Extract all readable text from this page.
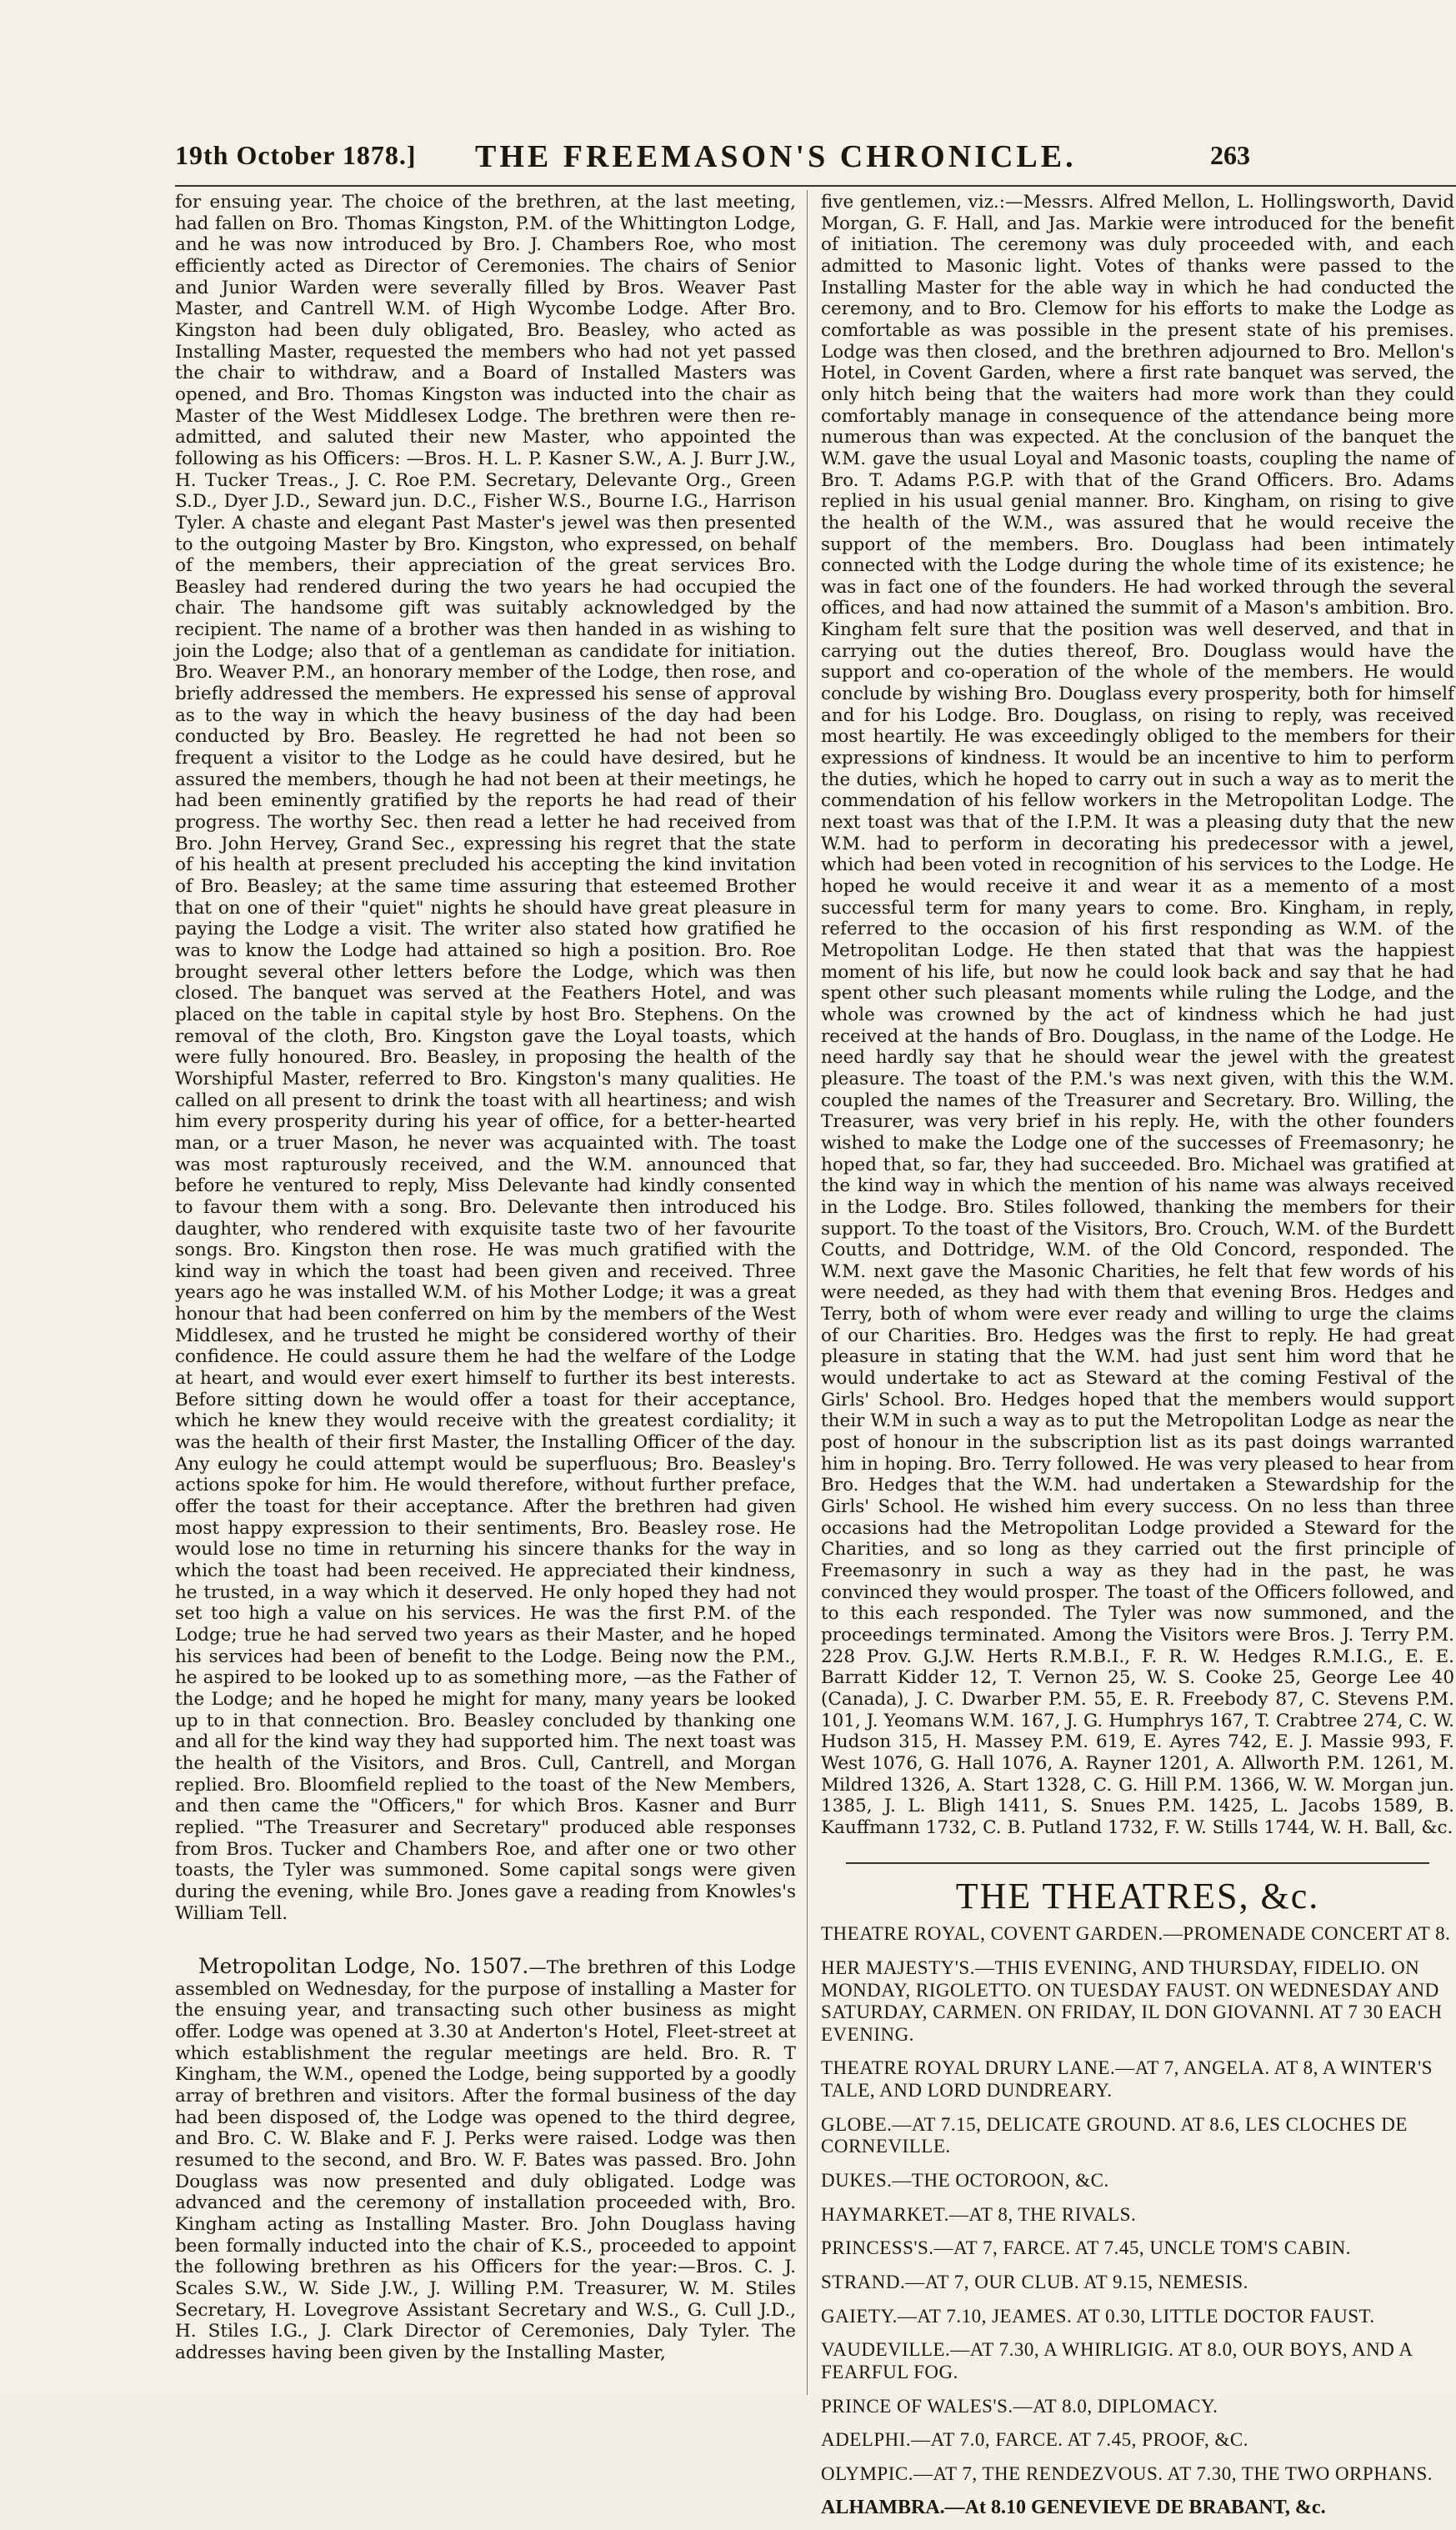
19th October 1878.] THE FREEMASON'S CHRONICLE.	263

for ensuing year. The choice of the brethren, at the last meeting, had fallen on Bro. Thomas Kingston, P.M. of the Whittington Lodge, and he was now introduced by Bro. J. Chambers Roe, who most efficiently acted as Director of Ceremonies. The chairs of Senior and Junior Warden were severally filled by Bros. Weaver Past Master, and Cantrell W.M. of High Wycombe Lodge. After Bro. Kingston had been duly obligated, Bro. Beasley, who acted as Installing Master, requested the members who had not yet passed the chair to withdraw, and a Board of Installed Masters was opened, and Bro. Thomas Kingston was inducted into the chair as Master of the West Middlesex Lodge. The brethren were then re-admitted, and saluted their new Master, who appointed the following as his Officers: —Bros. H. L. P. Kasner S.W., A. J. Burr J.W., H. Tucker Treas., J. C. Roe P.M. Secretary, Delevante Org., Green S.D., Dyer J.D., Seward jun. D.C., Fisher W.S., Bourne I.G., Harrison Tyler. A chaste and elegant Past Master's jewel was then presented to the outgoing Master by Bro. Kingston, who expressed, on behalf of the members, their appreciation of the great services Bro. Beasley had rendered during the two years he had occupied the chair. The handsome gift was suitably acknowledged by the recipient. The name of a brother was then handed in as wishing to join the Lodge; also that of a gentleman as candidate for initiation. Bro. Weaver P.M., an honorary member of the Lodge, then rose, and briefly addressed the members. He expressed his sense of approval as to the way in which the heavy business of the day had been conducted by Bro. Beasley. He regretted he had not been so frequent a visitor to the Lodge as he could have desired, but he assured the members, though he had not been at their meetings, he had been eminently gratified by the reports he had read of their progress. The worthy Sec. then read a letter he had received from Bro. John Hervey, Grand Sec., expressing his regret that the state of his health at present precluded his accepting the kind invitation of Bro. Beasley; at the same time assuring that esteemed Brother that on one of their "quiet" nights he should have great pleasure in paying the Lodge a visit. The writer also stated how gratified he was to know the Lodge had attained so high a position. Bro. Roe brought several other letters before the Lodge, which was then closed. The banquet was served at the Feathers Hotel, and was placed on the table in capital style by host Bro. Stephens. On the removal of the cloth, Bro. Kingston gave the Loyal toasts, which were fully honoured. Bro. Beasley, in proposing the health of the Worshipful Master, referred to Bro. Kingston's many qualities. He called on all present to drink the toast with all heartiness; and wish him every prosperity during his year of office, for a better-hearted man, or a truer Mason, he never was acquainted with. The toast was most rapturously received, and the W.M. announced that before he ventured to reply, Miss Delevante had kindly consented to favour them with a song. Bro. Delevante then introduced his daughter, who rendered with exquisite taste two of her favourite songs. Bro. Kingston then rose. He was much gratified with the kind way in which the toast had been given and received. Three years ago he was installed W.M. of his Mother Lodge; it was a great honour that had been conferred on him by the members of the West Middlesex, and he trusted he might be considered worthy of their confidence. He could assure them he had the welfare of the Lodge at heart, and would ever exert himself to further its best interests. Before sitting down he would offer a toast for their acceptance, which he knew they would receive with the greatest cordiality; it was the health of their first Master, the Installing Officer of the day. Any eulogy he could attempt would be superfluous; Bro. Beasley's actions spoke for him. He would therefore, without further preface, offer the toast for their acceptance. After the brethren had given most happy expression to their sentiments, Bro. Beasley rose. He would lose no time in returning his sincere thanks for the way in which the toast had been received. He appreciated their kindness, he trusted, in a way which it deserved. He only hoped they had not set too high a value on his services. He was the first P.M. of the Lodge; true he had served two years as their Master, and he hoped his services had been of benefit to the Lodge. Being now the P.M., he aspired to be looked up to as something more, —as the Father of the Lodge; and he hoped he might for many, many years be looked up to in that connection. Bro. Beasley concluded by thanking one and all for the kind way they had supported him. The next toast was the health of the Visitors, and Bros. Cull, Cantrell, and Morgan replied. Bro. Bloomfield replied to the toast of the New Members, and then came the "Officers," for which Bros. Kasner and Burr replied. "The Treasurer and Secretary" produced able responses from Bros. Tucker and Chambers Roe, and after one or two other toasts, the Tyler was summoned. Some capital songs were given during the evening, while Bro. Jones gave a reading from Knowles's William Tell.

Metropolitan Lodge, No. 1507.—The brethren of this Lodge assembled on Wednesday, for the purpose of installing a Master for the ensuing year, and transacting such other business as might offer. Lodge was opened at 3.30 at Anderton's Hotel, Fleet-street at which establishment the regular meetings are held. Bro. R. T Kingham, the W.M., opened the Lodge, being supported by a goodly array of brethren and visitors. After the formal business of the day had been disposed of, the Lodge was opened to the third degree, and Bro. C. W. Blake and F. J. Perks were raised. Lodge was then resumed to the second, and Bro. W. F. Bates was passed. Bro. John Douglass was now presented and duly obligated. Lodge was advanced and the ceremony of installation proceeded with, Bro. Kingham acting as Installing Master. Bro. John Douglass having been formally inducted into the chair of K.S., proceeded to appoint the following brethren as his Officers for the year:—Bros. C. J. Scales S.W., W. Side J.W., J. Willing P.M. Treasurer, W. M. Stiles Secretary, H. Lovegrove Assistant Secretary and W.S., G. Cull J.D., H. Stiles I.G., J. Clark Director of Ceremonies, Daly Tyler. The addresses having been given by the Installing Master,

five gentlemen, viz.:—Messrs. Alfred Mellon, L. Hollingsworth, David Morgan, G. F. Hall, and Jas. Markie were introduced for the benefit of initiation. The ceremony was duly proceeded with, and each admitted to Masonic light. Votes of thanks were passed to the Installing Master for the able way in which he had conducted the ceremony, and to Bro. Clemow for his efforts to make the Lodge as comfortable as was possible in the present state of his premises. Lodge was then closed, and the brethren adjourned to Bro. Mellon's Hotel, in Covent Garden, where a first rate banquet was served, the only hitch being that the waiters had more work than they could comfortably manage in consequence of the attendance being more numerous than was expected. At the conclusion of the banquet the W.M. gave the usual Loyal and Masonic toasts, coupling the name of Bro. T. Adams P.G.P. with that of the Grand Officers. Bro. Adams replied in his usual genial manner. Bro. Kingham, on rising to give the health of the W.M., was assured that he would receive the support of the members. Bro. Douglass had been intimately connected with the Lodge during the whole time of its existence; he was in fact one of the founders. He had worked through the several offices, and had now attained the summit of a Mason's ambition. Bro. Kingham felt sure that the position was well deserved, and that in carrying out the duties thereof, Bro. Douglass would have the support and co-operation of the whole of the members. He would conclude by wishing Bro. Douglass every prosperity, both for himself and for his Lodge. Bro. Douglass, on rising to reply, was received most heartily. He was exceedingly obliged to the members for their expressions of kindness. It would be an incentive to him to perform the duties, which he hoped to carry out in such a way as to merit the commendation of his fellow workers in the Metropolitan Lodge. The next toast was that of the I.P.M. It was a pleasing duty that the new W.M. had to perform in decorating his predecessor with a jewel, which had been voted in recognition of his services to the Lodge. He hoped he would receive it and wear it as a memento of a most successful term for many years to come. Bro. Kingham, in reply, referred to the occasion of his first responding as W.M. of the Metropolitan Lodge. He then stated that that was the happiest moment of his life, but now he could look back and say that he had spent other such pleasant moments while ruling the Lodge, and the whole was crowned by the act of kindness which he had just received at the hands of Bro. Douglass, in the name of the Lodge. He need hardly say that he should wear the jewel with the greatest pleasure. The toast of the P.M.'s was next given, with this the W.M. coupled the names of the Treasurer and Secretary. Bro. Willing, the Treasurer, was very brief in his reply. He, with the other founders wished to make the Lodge one of the successes of Freemasonry; he hoped that, so far, they had succeeded. Bro. Michael was gratified at the kind way in which the mention of his name was always received in the Lodge. Bro. Stiles followed, thanking the members for their support. To the toast of the Visitors, Bro. Crouch, W.M. of the Burdett Coutts, and Dottridge, W.M. of the Old Concord, responded. The W.M. next gave the Masonic Charities, he felt that few words of his were needed, as they had with them that evening Bros. Hedges and Terry, both of whom were ever ready and willing to urge the claims of our Charities. Bro. Hedges was the first to reply. He had great pleasure in stating that the W.M. had just sent him word that he would undertake to act as Steward at the coming Festival of the Girls' School. Bro. Hedges hoped that the members would support their W.M in such a way as to put the Metropolitan Lodge as near the post of honour in the subscription list as its past doings warranted him in hoping. Bro. Terry followed. He was very pleased to hear from Bro. Hedges that the W.M. had undertaken a Stewardship for the Girls' School. He wished him every success. On no less than three occasions had the Metropolitan Lodge provided a Steward for the Charities, and so long as they carried out the first principle of Freemasonry in such a way as they had in the past, he was convinced they would prosper. The toast of the Officers followed, and to this each responded. The Tyler was now summoned, and the proceedings terminated. Among the Visitors were Bros. J. Terry P.M. 228 Prov. G.J.W. Herts R.M.B.I., F. R. W. Hedges R.M.I.G., E. E. Barratt Kidder 12, T. Vernon 25, W. S. Cooke 25, George Lee 40 (Canada), J. C. Dwarber P.M. 55, E. R. Freebody 87, C. Stevens P.M. 101, J. Yeomans W.M. 167, J. G. Humphrys 167, T. Crabtree 274, C. W. Hudson 315, H. Massey P.M. 619, E. Ayres 742, E. J. Massie 993, F. West 1076, G. Hall 1076, A. Rayner 1201, A. Allworth P.M. 1261, M. Mildred 1326, A. Start 1328, C. G. Hill P.M. 1366, W. W. Morgan jun. 1385, J. L. Bligh 1411, S. Snues P.M. 1425, L. Jacobs 1589, B. Kauffmann 1732, C. B. Putland 1732, F. W. Stills 1744, W. H. Ball, &c.

THE THEATRES, &c.
THEATRE ROYAL, COVENT GARDEN.—PROMENADE CONCERT AT 8.
HER MAJESTY'S.—THIS EVENING, AND THURSDAY, FIDELIO. ON MONDAY, RIGOLETTO. ON TUESDAY FAUST. ON WEDNESDAY AND SATURDAY, CARMEN. ON FRIDAY, IL DON GIOVANNI. AT 7 30 EACH EVENING.
THEATRE ROYAL DRURY LANE.—AT 7, ANGELA. AT 8, A WINTER'S TALE, AND LORD DUNDREARY.
GLOBE.—AT 7.15, DELICATE GROUND. AT 8.6, LES CLOCHES DE CORNEVILLE.
DUKES.—THE OCTOROON, &C.
HAYMARKET.—AT 8, THE RIVALS.
PRINCESS'S.—AT 7, FARCE. AT 7.45, UNCLE TOM'S CABIN.
STRAND.—AT 7, OUR CLUB. AT 9.15, NEMESIS.
GAIETY.—AT 7.10, JEAMES. AT 0.30, LITTLE DOCTOR FAUST.
VAUDEVILLE.—AT 7.30, A WHIRLIGIG. AT 8.0, OUR BOYS, AND A FEARFUL FOG.
PRINCE OF WALES'S.—AT 8.0, DIPLOMACY.
ADELPHI.—AT 7.0, FARCE. AT 7.45, PROOF, &C.
OLYMPIC.—AT 7, THE RENDEZVOUS. AT 7.30, THE TWO ORPHANS.
ALHAMBRA.—At 8.10 GENEVIEVE DE BRABANT, &c.
